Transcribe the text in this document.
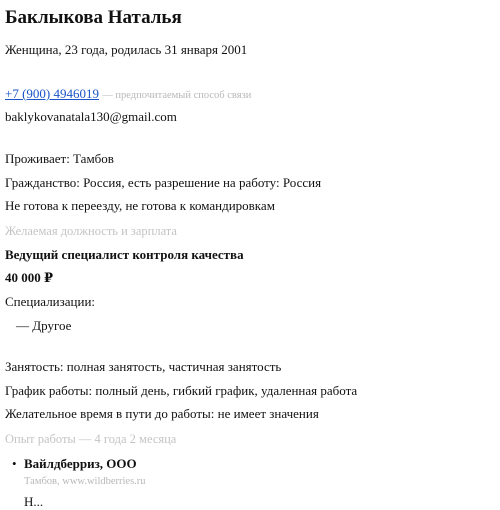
Баклыкова Наталья
Женщина, 23 года, родилась 31 января 2001
+7 (900) 4946019 — предпочитаемый способ связи
baklykovanatala130@gmail.com
Проживает: Тамбов
Гражданство: Россия, есть разрешение на работу: Россия
Не готова к переезду, не готова к командировкам
Желаемая должность и зарплата
Ведущий специалист контроля качества
40 000 ₽
Специализации:
— Другое
Занятость: полная занятость, частичная занятость
График работы: полный день, гибкий график, удаленная работа
Желательное время в пути до работы: не имеет значения
Опыт работы — 4 года 2 месяца
• Вайлдберриз, ООО
Тамбов, www.wildberries.ru
Н...
